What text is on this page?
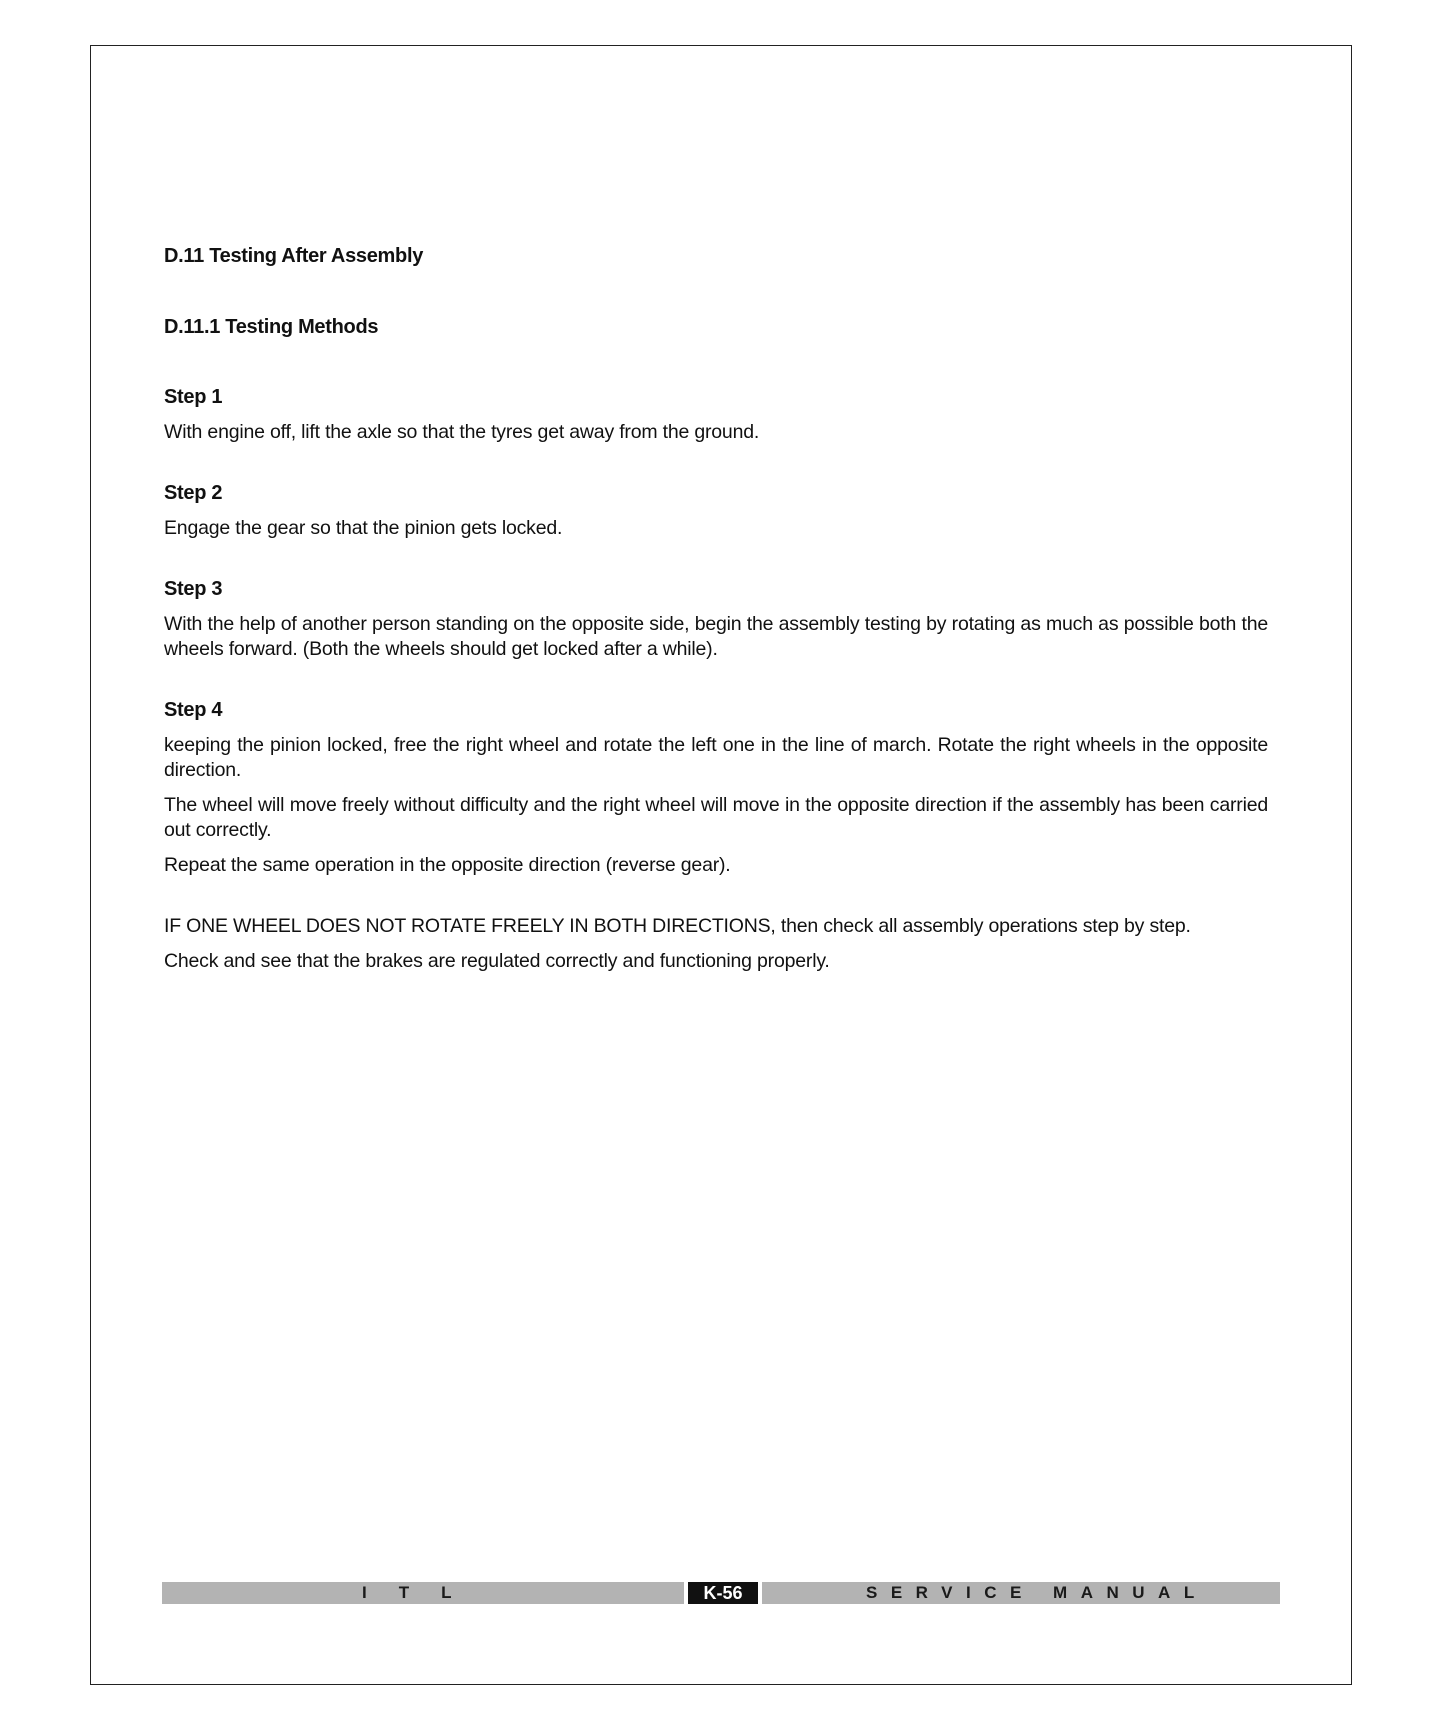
D.11 Testing After Assembly
D.11.1 Testing Methods
Step 1

With engine off, lift the axle so that the tyres get away from the ground.

Step 2

Engage the gear so that the pinion gets locked.

Step 3

With the help of another person standing on the opposite side, begin the assembly testing by rotating as much as possible both the wheels forward. (Both the wheels should get locked after a while).

Step 4

keeping the pinion locked, free the right wheel and rotate the left one in the line of march. Rotate the right wheels in the opposite direction.

The wheel will move freely without difficulty and the right wheel will move in the opposite direction if the assembly has been carried out correctly.

Repeat the same operation in the opposite direction (reverse gear).

IF ONE WHEEL DOES NOT ROTATE FREELY IN BOTH DIRECTIONS, then check all assembly operations step by step.

Check and see that the brakes are regulated correctly and functioning properly.

ITL	K-56	SERVICE MANUAL
